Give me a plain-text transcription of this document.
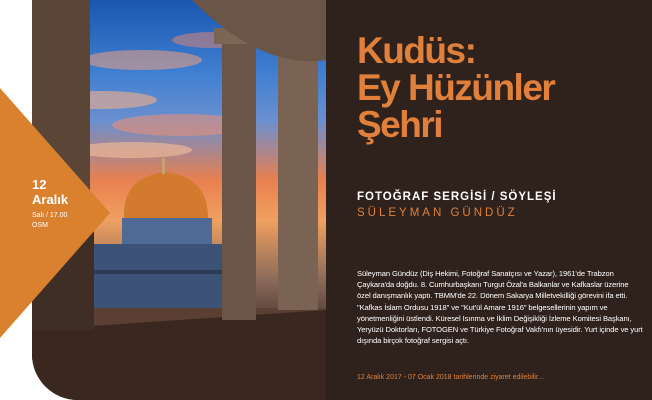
Kudüs:
Ey Hüzünler
Şehri
FOTOĞRAF SERGİSİ / SÖYLEŞİ
SÜLEYMAN GÜNDÜZ
Süleyman Gündüz (Diş Hekimi, Fotoğraf Sanatçısı ve Yazar), 1961'de Trabzon Çaykara'da doğdu. 8. Cumhurbaşkanı Turgut Özal'a Balkanlar ve Kafkaslar üzerine özel danışmanlık yaptı. TBMM'de 22. Dönem Sakarya Milletvekilliği görevini ifa etti. "Kafkas İslam Ordusu 1918" ve "Kut'ül Amare 1916" belgesellerinin yapım ve yönetmenliğini üstlendi. Küresel Isınma ve İklim Değişikliği İzleme Komitesi Başkanı, Yeryüzü Doktorları, FOTOGEN ve Türkiye Fotoğraf Vakfı'nın üyesidir. Yurt içinde ve yurt dışında birçok fotoğraf sergisi açtı.
12 Aralık 2017 - 07 Ocak 2018 tarihlerinde ziyaret edilebilir...
12
Aralık
Salı / 17.00
OSM
